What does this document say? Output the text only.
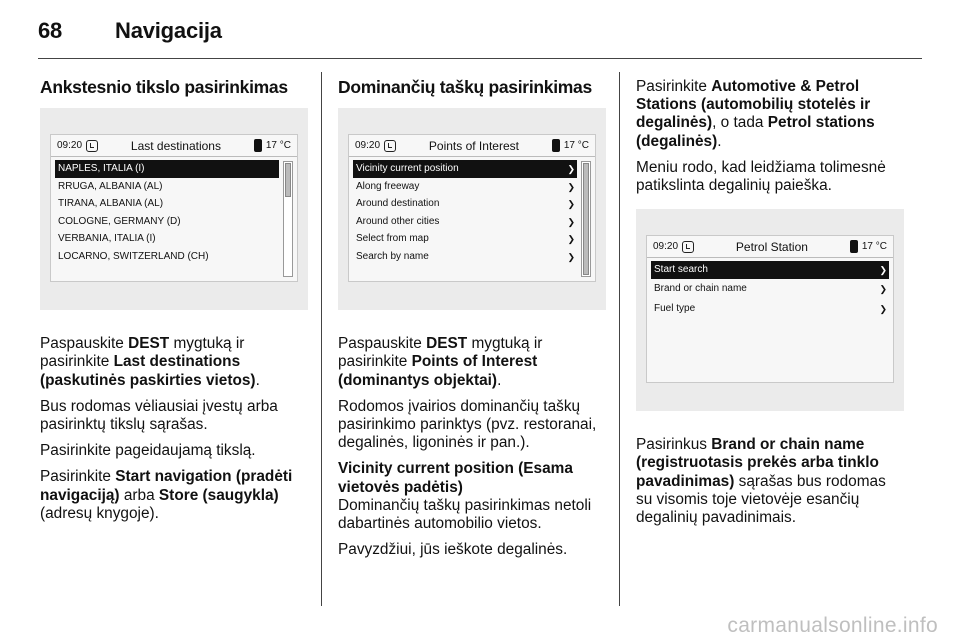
68 Navigacija
Ankstesnio tikslo pasirinkimas
09:20	Last destinations	17 °C
NAPLES, ITALIA (I)
RRUGA, ALBANIA (AL)
TIRANA, ALBANIA (AL)
COLOGNE, GERMANY (D)
VERBANIA, ITALIA (I)
LOCARNO, SWITZERLAND (CH)

Paspauskite DEST mygtuką ir pasirinkite Last destinations (paskutinės paskirties vietos).

Bus rodomas vėliausiai įvestų arba pasirinktų tikslų sąrašas.

Pasirinkite pageidaujamą tikslą.

Pasirinkite Start navigation (pradėti navigaciją) arba Store (saugykla) (adresų knygoje).

Dominančių taškų pasirinkimas
09:20	Points of Interest	17 °C
Vicinity current position	❯
Along freeway	❯
Around destination	❯
Around other cities	❯
Select from map	❯
Search by name	❯

Paspauskite DEST mygtuką ir pasirinkite Points of Interest (dominantys objektai).

Rodomos įvairios dominančių taškų pasirinkimo parinktys (pvz. restoranai, degalinės, ligoninės ir pan.).

Vicinity current position (Esama vietovės padėtis)

Dominančių taškų pasirinkimas netoli dabartinės automobilio vietos.

Pavyzdžiui, jūs ieškote degalinės.

Pasirinkite Automotive & Petrol Stations (automobilių stotelės ir degalinės), o tada Petrol stations (degalinės).

Meniu rodo, kad leidžiama tolimesnė patikslinta degalinių paieška.

09:20	Petrol Station	17 °C
Start search	❯
Brand or chain name	❯
Fuel type	❯

Pasirinkus Brand or chain name (registruotasis prekės arba tinklo pavadinimas) sąrašas bus rodomas su visomis toje vietovėje esančių degalinių pavadinimais.

carmanualsonline.info
